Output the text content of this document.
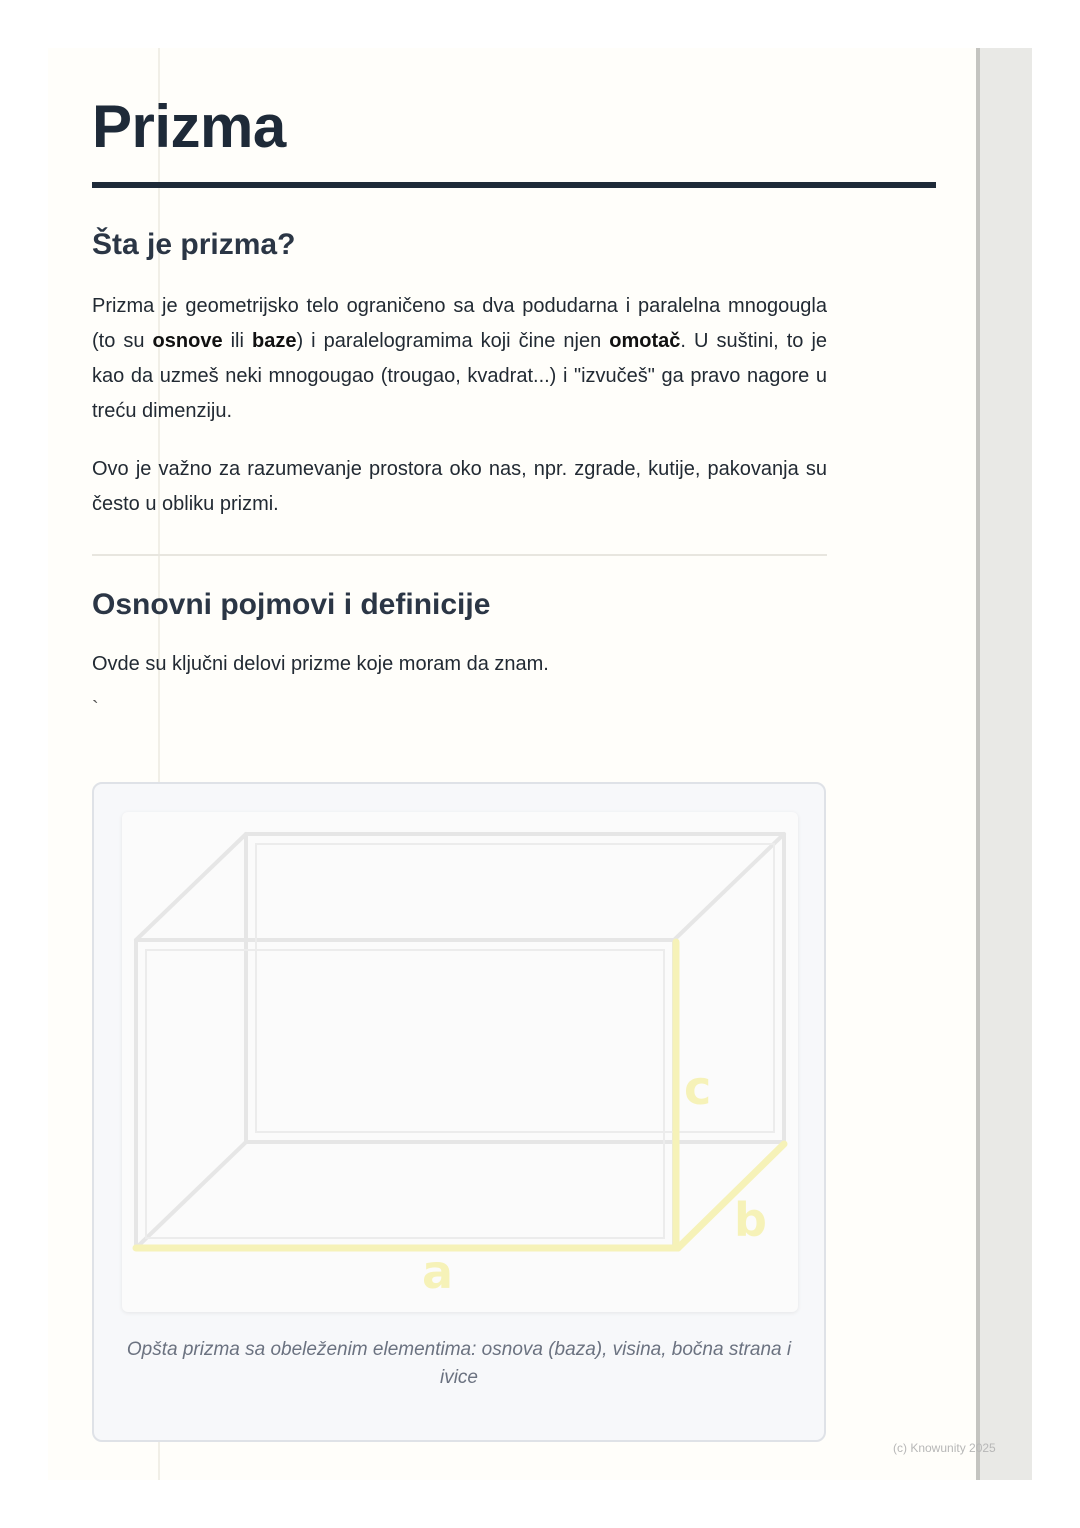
Prizma
Šta je prizma?

Prizma je geometrijsko telo ograničeno sa dva podudarna i paralelna mnogougla (to su osnove ili baze) i paralelogramima koji čine njen omotač. U suštini, to je kao da uzmeš neki mnogougao (trougao, kvadrat...) i "izvučeš" ga pravo nagore u treću dimenziju.

Ovo je važno za razumevanje prostora oko nas, npr. zgrade, kutije, pakovanja su često u obliku prizmi.

Osnovni pojmovi i definicije

Ovde su ključni delovi prizme koje moram da znam.

`
a
b
c

Opšta prizma sa obeleženim elementima: osnova (baza), visina, bočna strana i ivice

(c) Knowunity 2025
